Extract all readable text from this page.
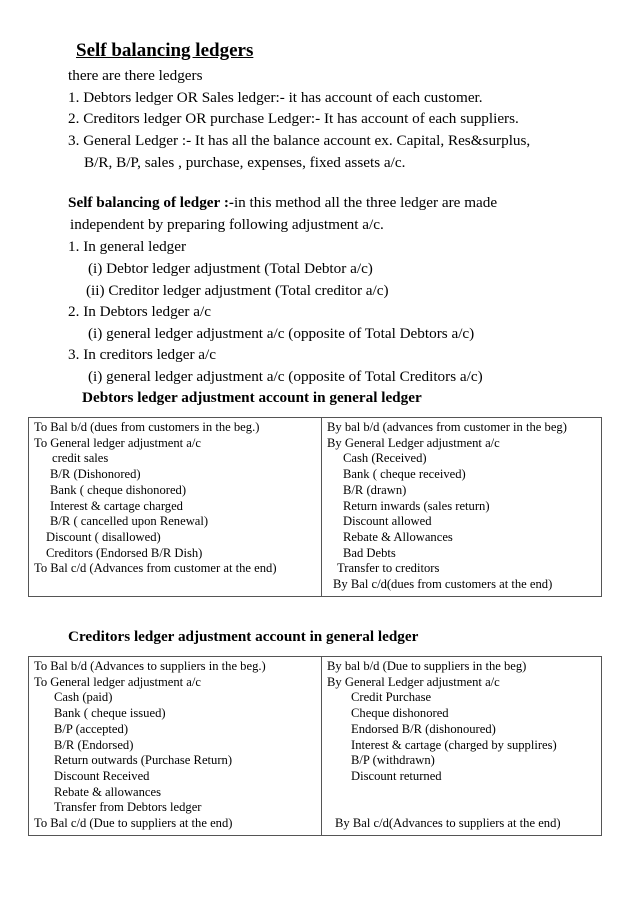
Self balancing ledgers
there are there ledgers
1. Debtors ledger OR Sales ledger:- it has account of each customer.
2. Creditors ledger OR purchase Ledger:- It has account of each suppliers.
3. General Ledger :- It has all the balance account ex. Capital, Res&surplus,
B/R, B/P, sales , purchase, expenses, fixed assets a/c.
Self balancing of ledger :-in this method all the three ledger are made
independent by preparing following adjustment a/c.
1. In general ledger
(i) Debtor ledger adjustment (Total Debtor a/c)
(ii) Creditor ledger adjustment (Total creditor a/c)
2. In Debtors ledger a/c
(i) general ledger adjustment a/c (opposite of Total Debtors a/c)
3. In creditors ledger a/c
(i) general ledger adjustment a/c (opposite of Total Creditors a/c)
Debtors ledger adjustment account in general ledger
To Bal b/d (dues from customers in the beg.)
To General ledger adjustment a/c
credit sales
B/R (Dishonored)
Bank ( cheque dishonored)
Interest & cartage charged
B/R ( cancelled upon Renewal)
Discount ( disallowed)
Creditors (Endorsed B/R Dish)
To Bal c/d (Advances from customer at the end)

By bal b/d (advances from customer in the beg)
By General Ledger adjustment a/c
Cash (Received)
Bank ( cheque received)
B/R (drawn)
Return inwards (sales return)
Discount allowed
Rebate & Allowances
Bad Debts
Transfer to creditors
By Bal c/d(dues from customers at the end)
Creditors ledger adjustment account in general ledger
To Bal b/d (Advances to suppliers in the beg.)
To General ledger adjustment a/c
Cash (paid)
Bank ( cheque issued)
B/P (accepted)
B/R (Endorsed)
Return outwards (Purchase Return)
Discount Received
Rebate & allowances
Transfer from Debtors ledger
To Bal c/d (Due to suppliers at the end)

By bal b/d (Due to suppliers in the beg)
By General Ledger adjustment a/c
Credit Purchase
Cheque dishonored
Endorsed B/R (dishonoured)
Interest & cartage (charged by supplires)
B/P (withdrawn)
Discount returned
By Bal c/d(Advances to suppliers at the end)
